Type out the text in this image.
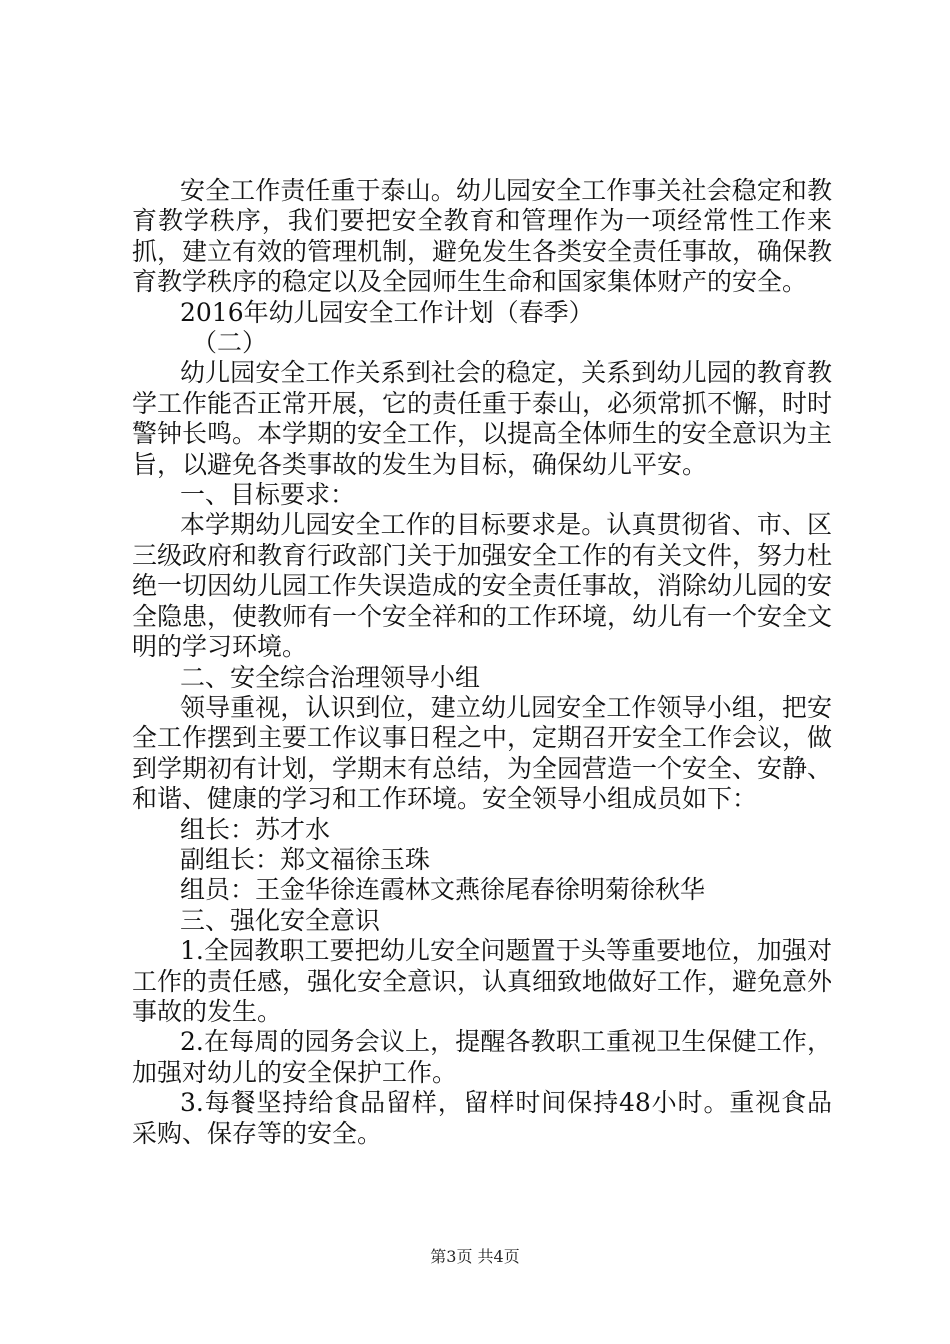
安全工作责任重于泰山。幼儿园安全工作事关社会稳定和教育教学秩序，我们要把安全教育和管理作为一项经常性工作来抓，建立有效的管理机制，避免发生各类安全责任事故，确保教育教学秩序的稳定以及全园师生生命和国家集体财产的安全。

2016年幼儿园安全工作计划（春季）

（二）

幼儿园安全工作关系到社会的稳定，关系到幼儿园的教育教学工作能否正常开展，它的责任重于泰山，必须常抓不懈，时时警钟长鸣。本学期的安全工作，以提高全体师生的安全意识为主旨，以避免各类事故的发生为目标，确保幼儿平安。

一、目标要求：

本学期幼儿园安全工作的目标要求是。认真贯彻省、市、区三级政府和教育行政部门关于加强安全工作的有关文件，努力杜绝一切因幼儿园工作失误造成的安全责任事故，消除幼儿园的安全隐患，使教师有一个安全祥和的工作环境，幼儿有一个安全文明的学习环境。

二、安全综合治理领导小组

领导重视，认识到位，建立幼儿园安全工作领导小组，把安全工作摆到主要工作议事日程之中，定期召开安全工作会议，做到学期初有计划，学期末有总结，为全园营造一个安全、安静、和谐、健康的学习和工作环境。安全领导小组成员如下：

组长：苏才水

副组长：郑文福徐玉珠

组员：王金华徐连霞林文燕徐尾春徐明菊徐秋华

三、强化安全意识

1.全园教职工要把幼儿安全问题置于头等重要地位，加强对工作的责任感，强化安全意识，认真细致地做好工作，避免意外事故的发生。

2.在每周的园务会议上，提醒各教职工重视卫生保健工作，加强对幼儿的安全保护工作。

3.每餐坚持给食品留样，留样时间保持48小时。重视食品采购、保存等的安全。

第3页 共4页
